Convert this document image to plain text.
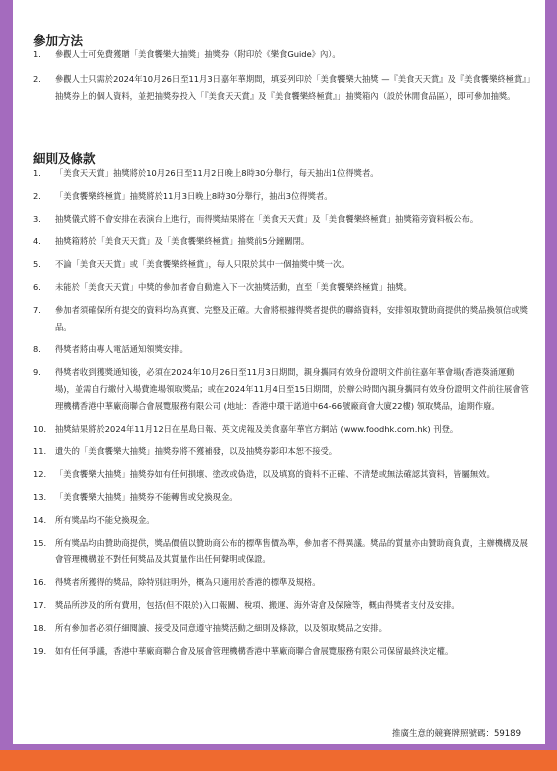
參加方法
1.	參觀人士可免費獲贈「美食饗樂大抽獎」抽獎券（附印於《樂食Guide》內）。
2.	參觀人士只需於2024年10月26日至11月3日嘉年華期間，填妥列印於「美食饗樂大抽獎 —『美食天天賞』及『美食饗樂終極賞』」抽獎券上的個人資料，並把抽獎券投入「『美食天天賞』及『美食饗樂終極賞』」抽獎箱內（設於休閒食品區），即可參加抽獎。
細則及條款
1.	「美食天天賞」抽獎將於10月26日至11月2日晚上8時30分舉行，每天抽出1位得獎者。
2.	「美食饗樂終極賞」抽獎將於11月3日晚上8時30分舉行，抽出3位得獎者。
3.	抽獎儀式將不會安排在表演台上進行，而得獎結果將在「美食天天賞」及「美食饗樂終極賞」抽獎箱旁資料板公布。
4.	抽獎箱將於「美食天天賞」及「美食饗樂終極賞」抽獎前5分鐘關閉。
5.	不論「美食天天賞」或「美食饗樂終極賞」，每人只限於其中一個抽獎中獎一次。
6.	未能於「美食天天賞」中獎的參加者會自動進入下一次抽獎活動，直至「美食饗樂終極賞」抽獎。
7.	參加者須確保所有提交的資料均為真實、完整及正確。大會將根據得獎者提供的聯絡資料，安排領取贊助商提供的獎品換領信或獎品。
8.	得獎者將由專人電話通知領獎安排。
9.	得獎者收到獲獎通知後，必須在2024年10月26日至11月3日期間，親身攜同有效身份證明文件前往嘉年華會場(香港葵涌運動場)，並需自行繳付入場費進場領取獎品；或在2024年11月4日至15日期間，於辦公時間內親身攜同有效身份證明文件前往展會管理機構香港中華廠商聯合會展覽服務有限公司 (地址：香港中環干諾道中64-66號廠商會大廈22樓) 領取獎品，逾期作廢。
10.	抽獎結果將於2024年11月12日在星島日報、英文虎報及美食嘉年華官方網站 (www.foodhk.com.hk) 刊登。
11.	遺失的「美食饗樂大抽獎」抽獎券將不獲補發，以及抽獎券影印本恕不接受。
12.	「美食饗樂大抽獎」抽獎券如有任何損壞、塗改或偽造，以及填寫的資料不正確、不清楚或無法確認其資料，皆屬無效。
13.	「美食饗樂大抽獎」抽獎券不能轉售或兌換現金。
14.	所有獎品均不能兌換現金。
15.	所有獎品均由贊助商提供，獎品價值以贊助商公布的標準售價為準，參加者不得異議。獎品的質量亦由贊助商負責，主辦機構及展會管理機構並不對任何獎品及其質量作出任何聲明或保證。
16.	得獎者所獲得的獎品，除特別註明外，概為只適用於香港的標準及規格。
17.	獎品所涉及的所有費用，包括(但不限於)入口報關、稅項、搬運、海外寄倉及保險等，概由得獎者支付及安排。
18.	所有參加者必須仔細閱讀、接受及同意遵守抽獎活動之細則及條款，以及領取獎品之安排。
19.	如有任何爭議，香港中華廠商聯合會及展會管理機構香港中華廠商聯合會展覽服務有限公司保留最終決定權。
推廣生意的競賽牌照號碼：59189
